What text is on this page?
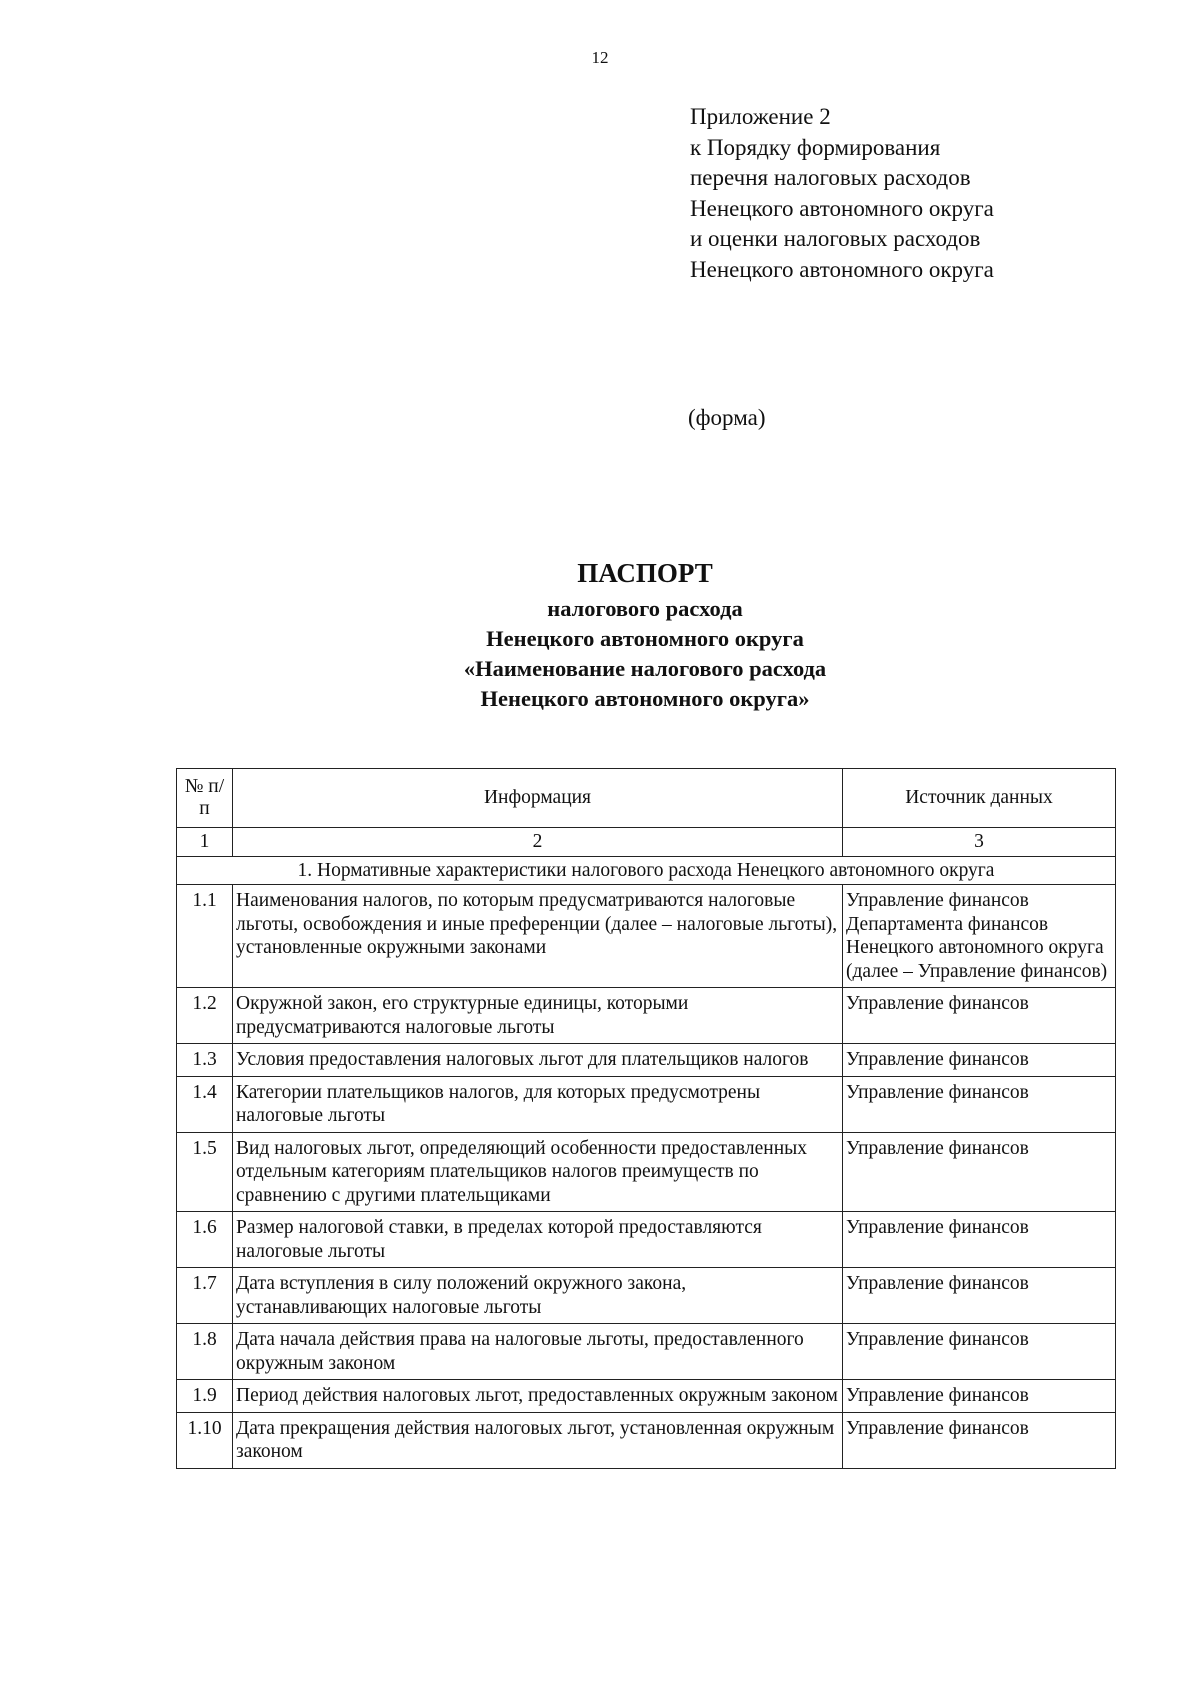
12
Приложение 2
к Порядку формирования
перечня налоговых расходов
Ненецкого автономного округа
и оценки налоговых расходов
Ненецкого автономного округа
(форма)
ПАСПОРТ
налогового расхода
Ненецкого автономного округа
«Наименование налогового расхода
Ненецкого автономного округа»
№ п/п	Информация	Источник данных
1	2	3
1. Нормативные характеристики налогового расхода Ненецкого автономного округа		
1.1	Наименования налогов, по которым предусматриваются налоговые льготы, освобождения и иные преференции (далее – налоговые льготы), установленные окружными законами	Управление финансов Департамента финансов Ненецкого автономного округа (далее – Управление финансов)
1.2	Окружной закон, его структурные единицы, которыми предусматриваются налоговые льготы	Управление финансов
1.3	Условия предоставления налоговых льгот для плательщиков налогов	Управление финансов
1.4	Категории плательщиков налогов, для которых предусмотрены налоговые льготы	Управление финансов
1.5	Вид налоговых льгот, определяющий особенности предоставленных отдельным категориям плательщиков налогов преимуществ по сравнению с другими плательщиками	Управление финансов
1.6	Размер налоговой ставки, в пределах которой предоставляются налоговые льготы	Управление финансов
1.7	Дата вступления в силу положений окружного закона, устанавливающих налоговые льготы	Управление финансов
1.8	Дата начала действия права на налоговые льготы, предоставленного окружным законом	Управление финансов
1.9	Период действия налоговых льгот, предоставленных окружным законом	Управление финансов
1.10	Дата прекращения действия налоговых льгот, установленная окружным законом	Управление финансов
